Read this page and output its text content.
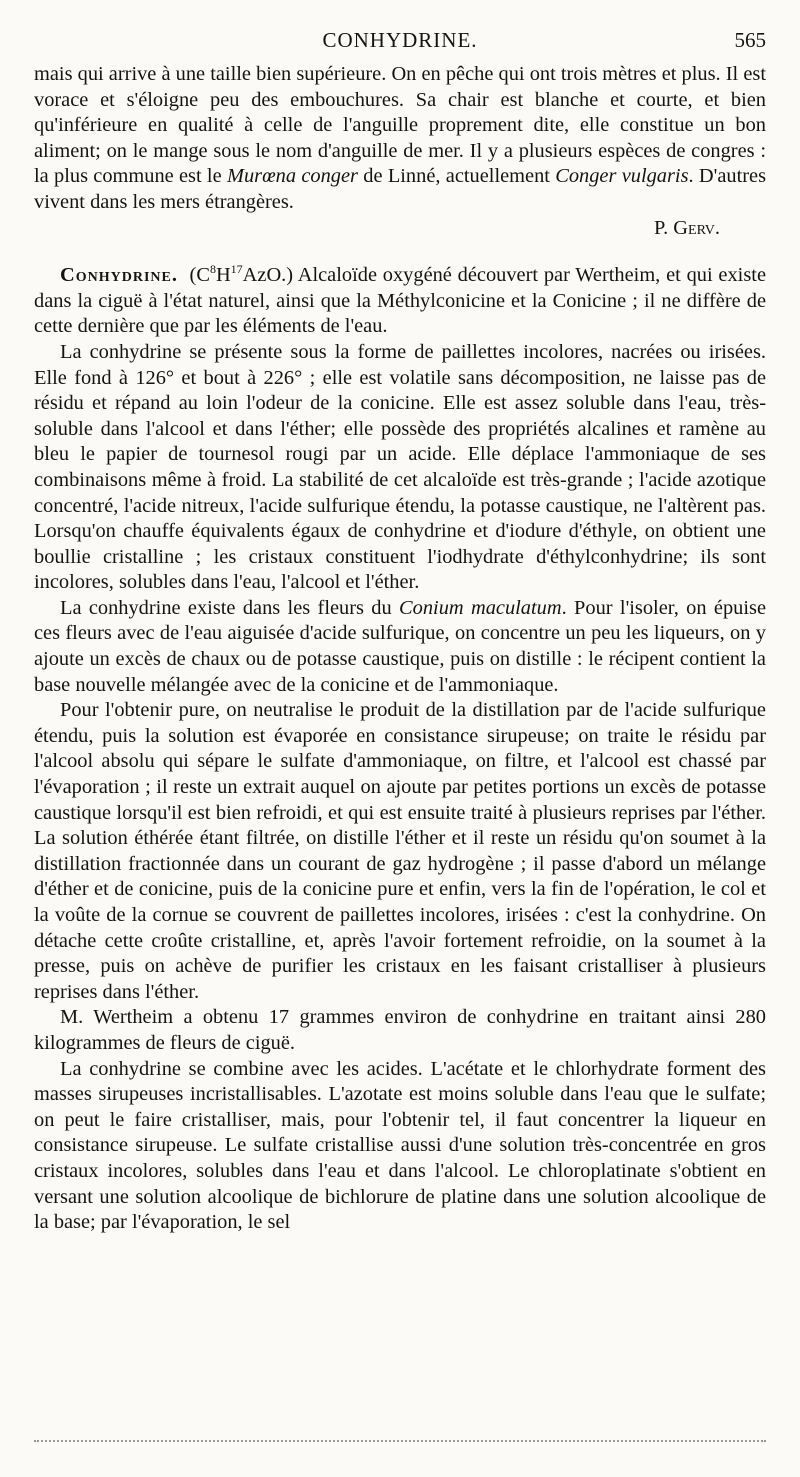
CONHYDRINE.	565

mais qui arrive à une taille bien supérieure. On en pêche qui ont trois mètres et plus. Il est vorace et s'éloigne peu des embouchures. Sa chair est blanche et courte, et bien qu'inférieure en qualité à celle de l'anguille proprement dite, elle constitue un bon aliment; on le mange sous le nom d'anguille de mer. Il y a plusieurs espèces de congres : la plus commune est le Murœna conger de Linné, actuellement Conger vulgaris. D'autres vivent dans les mers étrangères.

P. Gerv.

Conhydrine. $(C^8H^{17}AzO.)$ Alcaloïde oxygéné découvert par Wertheim, et qui existe dans la ciguë à l'état naturel, ainsi que la Méthylconicine et la Conicine ; il ne diffère de cette dernière que par les éléments de l'eau.

La conhydrine se présente sous la forme de paillettes incolores, nacrées ou irisées. Elle fond à 126° et bout à 226° ; elle est volatile sans décomposition, ne laisse pas de résidu et répand au loin l'odeur de la conicine. Elle est assez soluble dans l'eau, très-soluble dans l'alcool et dans l'éther; elle possède des propriétés alcalines et ramène au bleu le papier de tournesol rougi par un acide. Elle déplace l'ammoniaque de ses combinaisons même à froid. La stabilité de cet alcaloïde est très-grande ; l'acide azotique concentré, l'acide nitreux, l'acide sulfurique étendu, la potasse caustique, ne l'altèrent pas. Lorsqu'on chauffe équivalents égaux de conhydrine et d'iodure d'éthyle, on obtient une boullie cristalline ; les cristaux constituent l'iodhydrate d'éthylconhydrine; ils sont incolores, solubles dans l'eau, l'alcool et l'éther.

La conhydrine existe dans les fleurs du Conium maculatum. Pour l'isoler, on épuise ces fleurs avec de l'eau aiguisée d'acide sulfurique, on concentre un peu les liqueurs, on y ajoute un excès de chaux ou de potasse caustique, puis on distille : le récipent contient la base nouvelle mélangée avec de la conicine et de l'ammoniaque.

Pour l'obtenir pure, on neutralise le produit de la distillation par de l'acide sulfurique étendu, puis la solution est évaporée en consistance sirupeuse; on traite le résidu par l'alcool absolu qui sépare le sulfate d'ammoniaque, on filtre, et l'alcool est chassé par l'évaporation ; il reste un extrait auquel on ajoute par petites portions un excès de potasse caustique lorsqu'il est bien refroidi, et qui est ensuite traité à plusieurs reprises par l'éther. La solution éthérée étant filtrée, on distille l'éther et il reste un résidu qu'on soumet à la distillation fractionnée dans un courant de gaz hydrogène ; il passe d'abord un mélange d'éther et de conicine, puis de la conicine pure et enfin, vers la fin de l'opération, le col et la voûte de la cornue se couvrent de paillettes incolores, irisées : c'est la conhydrine. On détache cette croûte cristalline, et, après l'avoir fortement refroidie, on la soumet à la presse, puis on achève de purifier les cristaux en les faisant cristalliser à plusieurs reprises dans l'éther.

M. Wertheim a obtenu 17 grammes environ de conhydrine en traitant ainsi 280 kilogrammes de fleurs de ciguë.

La conhydrine se combine avec les acides. L'acétate et le chlorhydrate forment des masses sirupeuses incristallisables. L'azotate est moins soluble dans l'eau que le sulfate; on peut le faire cristalliser, mais, pour l'obtenir tel, il faut concentrer la liqueur en consistance sirupeuse. Le sulfate cristallise aussi d'une solution très-concentrée en gros cristaux incolores, solubles dans l'eau et dans l'alcool. Le chloroplatinate s'obtient en versant une solution alcoolique de bichlorure de platine dans une solution alcoolique de la base; par l'évaporation, le sel
